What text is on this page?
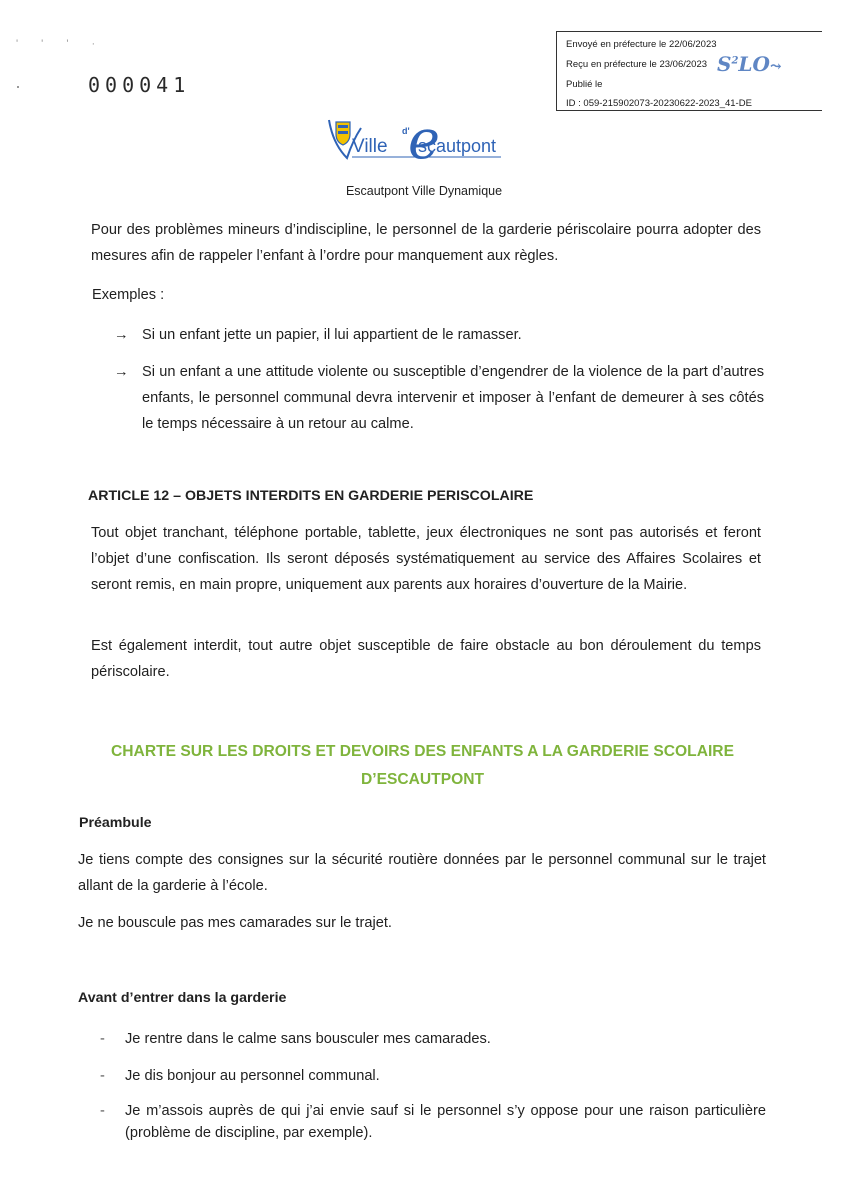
' ' ' ·
000041
Envoyé en préfecture le 22/06/2023
Reçu en préfecture le 23/06/2023
Publié le
ID : 059-215902073-20230622-2023_41-DE
$S^2LO⤳$
Ville
d'
e
scautpont
Escautpont Ville Dynamique
Pour des problèmes mineurs d’indiscipline, le personnel de la garderie périscolaire pourra adopter des mesures afin de rappeler l’enfant à l’ordre pour manquement aux règles.
Exemples :
→ Si un enfant jette un papier, il lui appartient de le ramasser.
→ Si un enfant a une attitude violente ou susceptible d’engendrer de la violence de la part d’autres enfants, le personnel communal devra intervenir et imposer à l’enfant de demeurer à ses côtés le temps nécessaire à un retour au calme.
ARTICLE 12 – OBJETS INTERDITS EN GARDERIE PERISCOLAIRE
Tout objet tranchant, téléphone portable, tablette, jeux électroniques ne sont pas autorisés et feront l’objet d’une confiscation. Ils seront déposés systématiquement au service des Affaires Scolaires et seront remis, en main propre, uniquement aux parents aux horaires d’ouverture de la Mairie.
Est également interdit, tout autre objet susceptible de faire obstacle au bon déroulement du temps périscolaire.
CHARTE SUR LES DROITS ET DEVOIRS DES ENFANTS A LA GARDERIE SCOLAIRE
D’ESCAUTPONT
Préambule
Je tiens compte des consignes sur la sécurité routière données par le personnel communal sur le trajet allant de la garderie à l’école.
Je ne bouscule pas mes camarades sur le trajet.
Avant d’entrer dans la garderie
- Je rentre dans le calme sans bousculer mes camarades.
- Je dis bonjour au personnel communal.
- Je m’assois auprès de qui j’ai envie sauf si le personnel s’y oppose pour une raison particulière (problème de discipline, par exemple).
